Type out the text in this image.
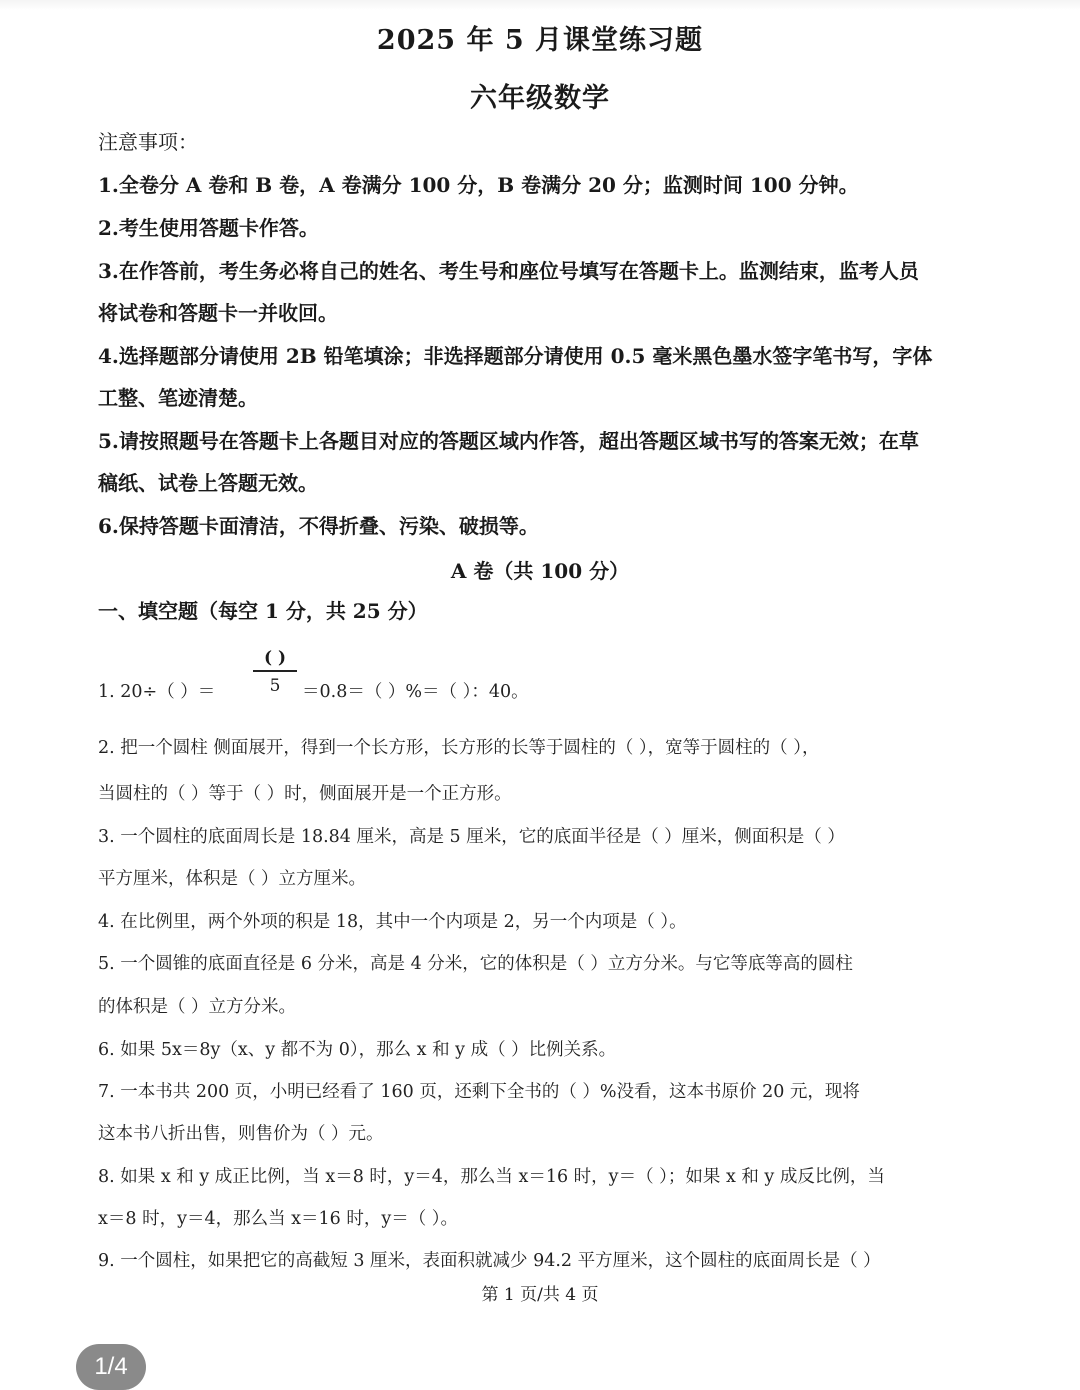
2025 年 5 月课堂练习题
六年级数学
注意事项：
1.全卷分 A 卷和 B 卷，A 卷满分 100 分，B 卷满分 20 分；监测时间 100 分钟。
2.考生使用答题卡作答。
3.在作答前，考生务必将自己的姓名、考生号和座位号填写在答题卡上。监测结束，监考人员
将试卷和答题卡一并收回。
4.选择题部分请使用 2B 铅笔填涂；非选择题部分请使用 0.5 毫米黑色墨水签字笔书写，字体
工整、笔迹清楚。
5.请按照题号在答题卡上各题目对应的答题区域内作答，超出答题区域书写的答案无效；在草
稿纸、试卷上答题无效。
6.保持答题卡面清洁，不得折叠、污染、破损等。
A 卷（共 100 分）
一、填空题（每空 1 分，共 25 分）
1. 20÷（ ）＝
( )
5	＝0.8＝（ ）%＝（ ）：40。
2. 把一个圆柱 侧面展开，得到一个长方形，长方形的长等于圆柱的（ ），宽等于圆柱的（ ），
当圆柱的（ ）等于（ ）时，侧面展开是一个正方形。
3. 一个圆柱的底面周长是 18.84 厘米，高是 5 厘米，它的底面半径是（ ）厘米，侧面积是（ ）
平方厘米，体积是（ ）立方厘米。
4. 在比例里，两个外项的积是 18，其中一个内项是 2，另一个内项是（ ）。
5. 一个圆锥的底面直径是 6 分米，高是 4 分米，它的体积是（ ）立方分米。与它等底等高的圆柱
的体积是（ ）立方分米。
6. 如果 5x＝8y（x、y 都不为 0），那么 x 和 y 成（ ）比例关系。
7. 一本书共 200 页，小明已经看了 160 页，还剩下全书的（ ）%没看，这本书原价 20 元，现将
这本书八折出售，则售价为（ ）元。
8. 如果 x 和 y 成正比例，当 x＝8 时，y＝4，那么当 x＝16 时，y＝（ ）；如果 x 和 y 成反比例，当
x＝8 时，y＝4，那么当 x＝16 时，y＝（ ）。
9. 一个圆柱，如果把它的高截短 3 厘米，表面积就减少 94.2 平方厘米，这个圆柱的底面周长是（ ）
第 1 页/共 4 页
1/4
